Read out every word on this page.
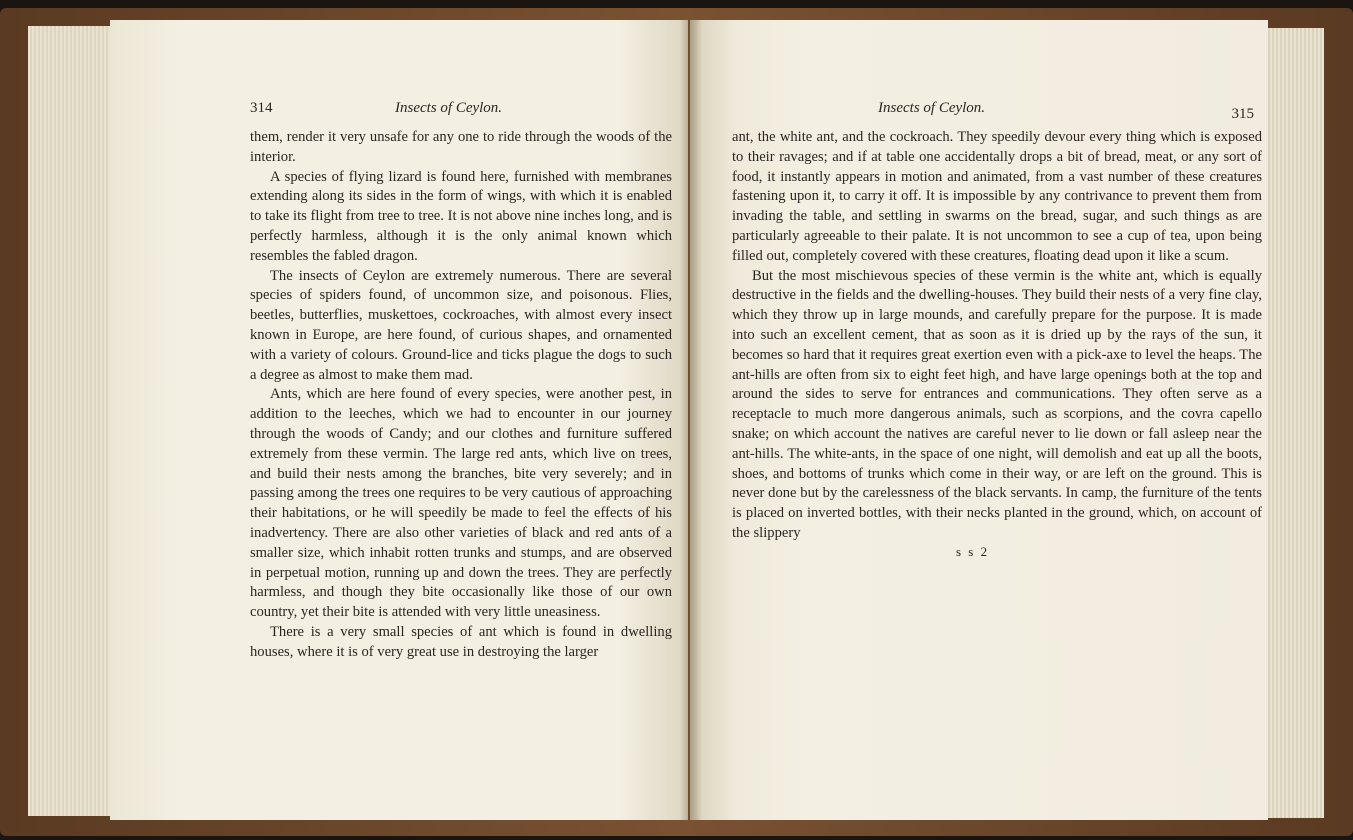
314	Insects of Ceylon.

them, render it very unsafe for any one to ride through the woods of the interior.

A species of flying lizard is found here, furnished with membranes extending along its sides in the form of wings, with which it is enabled to take its flight from tree to tree. It is not above nine inches long, and is perfectly harmless, although it is the only animal known which resembles the fabled dragon.

The insects of Ceylon are extremely numerous. There are several species of spiders found, of uncommon size, and poisonous. Flies, beetles, butterflies, muskettoes, cockroaches, with almost every insect known in Europe, are here found, of curious shapes, and ornamented with a variety of colours. Ground-lice and ticks plague the dogs to such a degree as almost to make them mad.

Ants, which are here found of every species, were another pest, in addition to the leeches, which we had to encounter in our journey through the woods of Candy; and our clothes and furniture suffered extremely from these vermin. The large red ants, which live on trees, and build their nests among the branches, bite very severely; and in passing among the trees one requires to be very cautious of approaching their habitations, or he will speedily be made to feel the effects of his inadvertency. There are also other varieties of black and red ants of a smaller size, which inhabit rotten trunks and stumps, and are observed in perpetual motion, running up and down the trees. They are perfectly harmless, and though they bite occasionally like those of our own country, yet their bite is attended with very little uneasiness.

There is a very small species of ant which is found in dwelling houses, where it is of very great use in destroying the larger

Insects of Ceylon.	315

ant, the white ant, and the cockroach. They speedily devour every thing which is exposed to their ravages; and if at table one accidentally drops a bit of bread, meat, or any sort of food, it instantly appears in motion and animated, from a vast number of these creatures fastening upon it, to carry it off. It is impossible by any contrivance to prevent them from invading the table, and settling in swarms on the bread, sugar, and such things as are particularly agreeable to their palate. It is not uncommon to see a cup of tea, upon being filled out, completely covered with these creatures, floating dead upon it like a scum.

But the most mischievous species of these vermin is the white ant, which is equally destructive in the fields and the dwelling-houses. They build their nests of a very fine clay, which they throw up in large mounds, and carefully prepare for the purpose. It is made into such an excellent cement, that as soon as it is dried up by the rays of the sun, it becomes so hard that it requires great exertion even with a pick-axe to level the heaps. The ant-hills are often from six to eight feet high, and have large openings both at the top and around the sides to serve for entrances and communications. They often serve as a receptacle to much more dangerous animals, such as scorpions, and the covra capello snake; on which account the natives are careful never to lie down or fall asleep near the ant-hills. The white-ants, in the space of one night, will demolish and eat up all the boots, shoes, and bottoms of trunks which come in their way, or are left on the ground. This is never done but by the carelessness of the black servants. In camp, the furniture of the tents is placed on inverted bottles, with their necks planted in the ground, which, on account of the slippery

s s 2
